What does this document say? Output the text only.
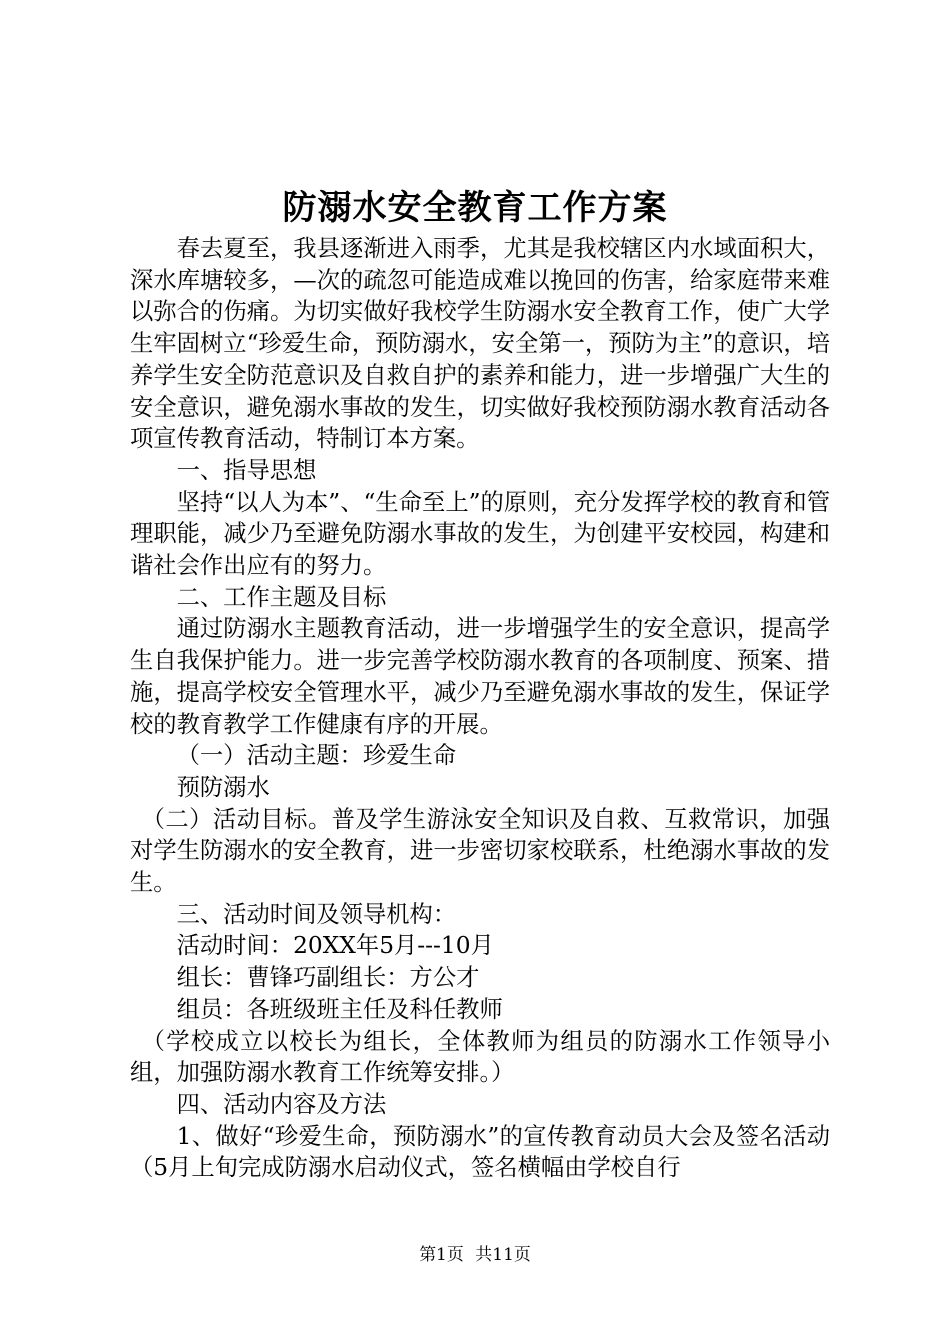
防溺水安全教育工作方案

春去夏至，我县逐渐进入雨季，尤其是我校辖区内水域面积大，深水库塘较多，—次的疏忽可能造成难以挽回的伤害，给家庭带来难以弥合的伤痛。为切实做好我校学生防溺水安全教育工作，使广大学生牢固树立“珍爱生命，预防溺水，安全第一，预防为主”的意识，培养学生安全防范意识及自救自护的素养和能力，进一步增强广大生的安全意识，避免溺水事故的发生，切实做好我校预防溺水教育活动各项宣传教育活动，特制订本方案。

一、指导思想

坚持“以人为本”、“生命至上”的原则，充分发挥学校的教育和管理职能，减少乃至避免防溺水事故的发生，为创建平安校园，构建和谐社会作出应有的努力。

二、工作主题及目标

通过防溺水主题教育活动，进一步增强学生的安全意识，提高学生自我保护能力。进一步完善学校防溺水教育的各项制度、预案、措施，提高学校安全管理水平，减少乃至避免溺水事故的发生，保证学校的教育教学工作健康有序的开展。

（一）活动主题：珍爱生命

预防溺水

（二）活动目标。普及学生游泳安全知识及自救、互救常识，加强对学生防溺水的安全教育，进一步密切家校联系，杜绝溺水事故的发生。

三、活动时间及领导机构：

活动时间：20XX年5月---10月

组长：曹锋巧副组长：方公才

组员：各班级班主任及科任教师

（学校成立以校长为组长，全体教师为组员的防溺水工作领导小组，加强防溺水教育工作统筹安排。）

四、活动内容及方法

1、做好“珍爱生命，预防溺水”的宣传教育动员大会及签名活动（5月上旬完成防溺水启动仪式，签名横幅由学校自行

第1页 共11页
